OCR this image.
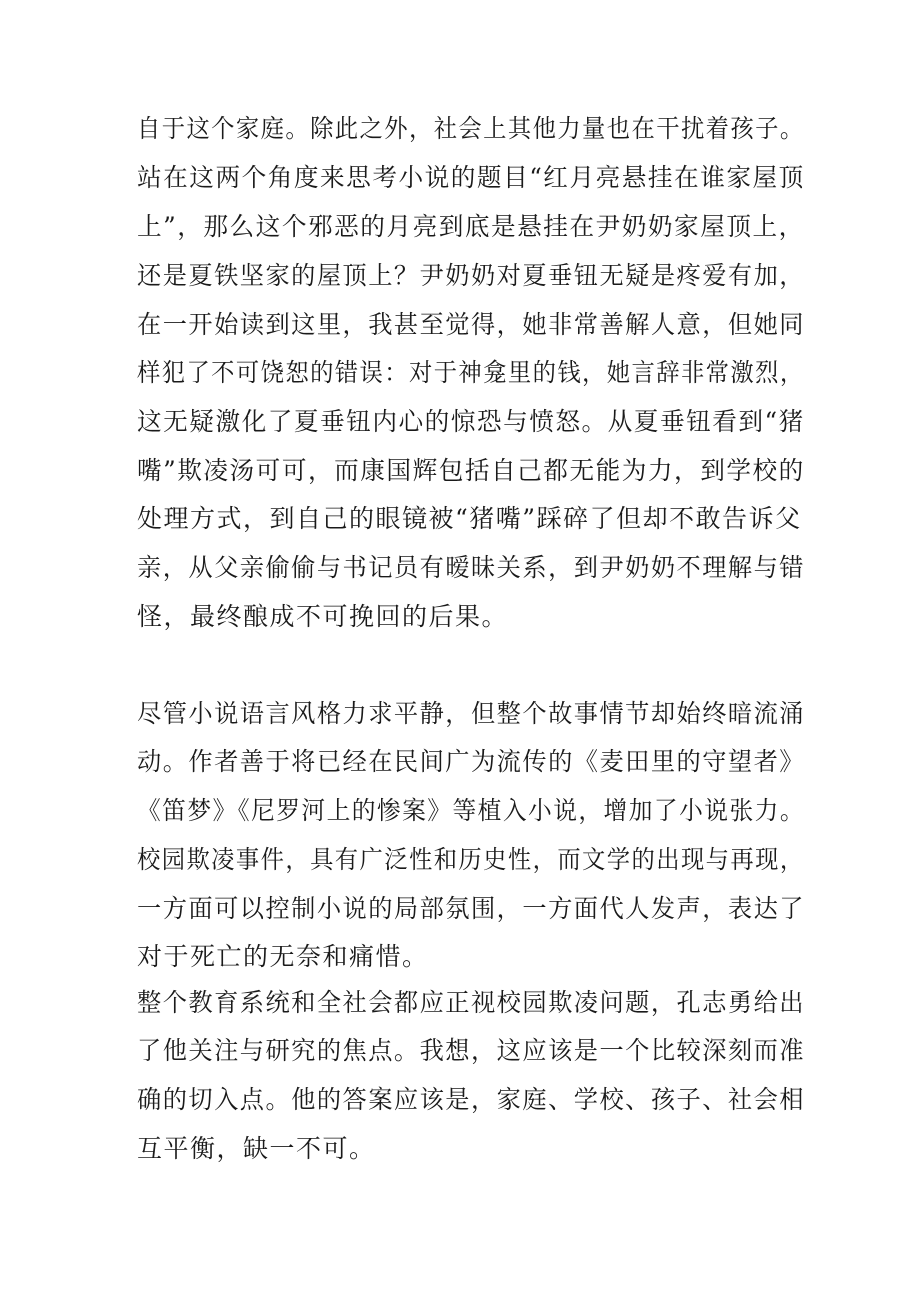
自于这个家庭。除此之外，社会上其他力量也在干扰着孩子。
站在这两个角度来思考小说的题目“红月亮悬挂在谁家屋顶
上”，那么这个邪恶的月亮到底是悬挂在尹奶奶家屋顶上，
还是夏铁坚家的屋顶上？尹奶奶对夏垂钮无疑是疼爱有加，
在一开始读到这里，我甚至觉得，她非常善解人意，但她同
样犯了不可饶恕的错误：对于神龛里的钱，她言辞非常激烈，
这无疑激化了夏垂钮内心的惊恐与愤怒。从夏垂钮看到“猪
嘴”欺凌汤可可，而康国辉包括自己都无能为力，到学校的
处理方式，到自己的眼镜被“猪嘴”踩碎了但却不敢告诉父
亲，从父亲偷偷与书记员有暧昧关系，到尹奶奶不理解与错
怪，最终酿成不可挽回的后果。
尽管小说语言风格力求平静，但整个故事情节却始终暗流涌
动。作者善于将已经在民间广为流传的《麦田里的守望者》
《笛梦》《尼罗河上的惨案》等植入小说，增加了小说张力。
校园欺凌事件，具有广泛性和历史性，而文学的出现与再现，
一方面可以控制小说的局部氛围，一方面代人发声，表达了
对于死亡的无奈和痛惜。
整个教育系统和全社会都应正视校园欺凌问题，孔志勇给出
了他关注与研究的焦点。我想，这应该是一个比较深刻而准
确的切入点。他的答案应该是，家庭、学校、孩子、社会相
互平衡，缺一不可。
